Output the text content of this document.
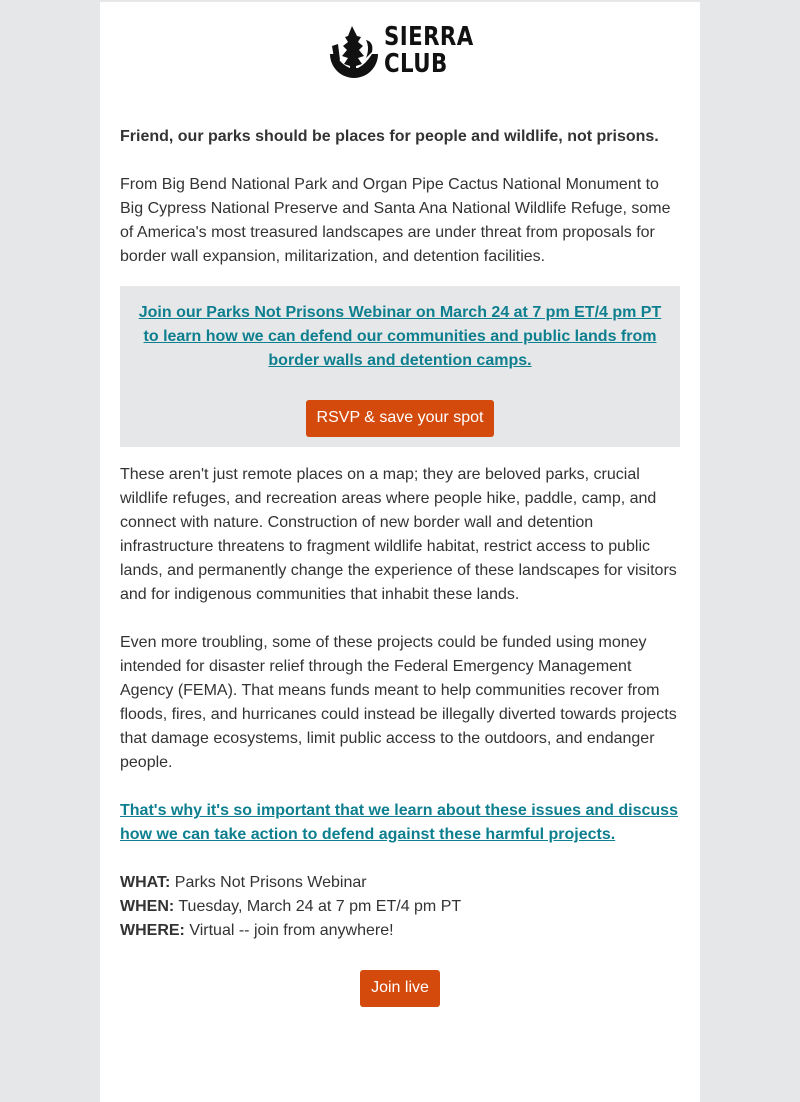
SIERRA
CLUB

Friend, our parks should be places for people and wildlife, not prisons.

From Big Bend National Park and Organ Pipe Cactus National Monument to Big Cypress National Preserve and Santa Ana National Wildlife Refuge, some of America's most treasured landscapes are under threat from proposals for border wall expansion, militarization, and detention facilities.

Join our Parks Not Prisons Webinar on March 24 at 7 pm ET/4 pm PT to learn how we can defend our communities and public lands from border walls and detention camps.
RSVP & save your spot

These aren't just remote places on a map; they are beloved parks, crucial wildlife refuges, and recreation areas where people hike, paddle, camp, and connect with nature. Construction of new border wall and detention infrastructure threatens to fragment wildlife habitat, restrict access to public lands, and permanently change the experience of these landscapes for visitors and for indigenous communities that inhabit these lands.

Even more troubling, some of these projects could be funded using money intended for disaster relief through the Federal Emergency Management Agency (FEMA). That means funds meant to help communities recover from floods, fires, and hurricanes could instead be illegally diverted towards projects that damage ecosystems, limit public access to the outdoors, and endanger people.

That's why it's so important that we learn about these issues and discuss how we can take action to defend against these harmful projects.

WHAT: Parks Not Prisons Webinar
WHEN: Tuesday, March 24 at 7 pm ET/4 pm PT
WHERE: Virtual -- join from anywhere!
Join live
